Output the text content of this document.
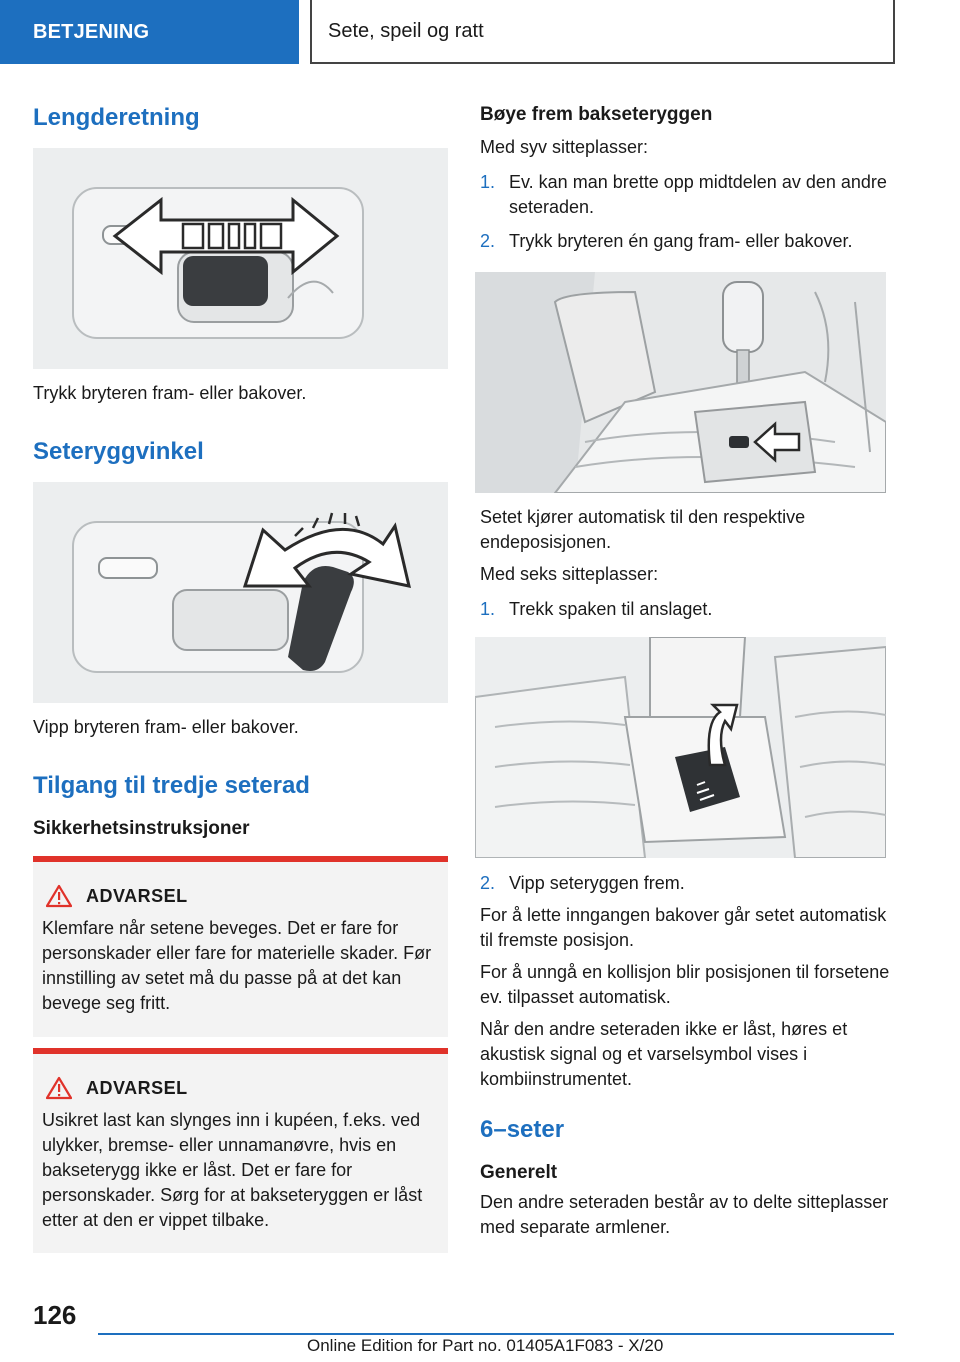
BETJENING	Sete, speil og ratt
Lengderetning

Trykk bryteren fram- eller bakover.

Seteryggvinkel

Vipp bryteren fram- eller bakover.

Tilgang til tredje seterad
Sikkerhetsinstruksjoner
ADVARSEL

Klemfare når setene beveges. Det er fare for personskader eller fare for materielle skader. Før innstilling av setet må du passe på at det kan bevege seg fritt.

ADVARSEL

Usikret last kan slynges inn i kupéen, f.eks. ved ulykker, bremse- eller unnamanøvre, hvis en bakseterygg ikke er låst. Det er fare for personskader. Sørg for at bakseteryggen er låst etter at den er vippet tilbake.

Bøye frem bakseteryggen

Med syv sitteplasser:

1. Ev. kan man brette opp midtdelen av den andre seteraden.
2. Trykk bryteren én gang fram- eller bakover.

Setet kjører automatisk til den respektive endeposisjonen.

Med seks sitteplasser:

1. Trekk spaken til anslaget.
2. Vipp seteryggen frem.

For å lette inngangen bakover går setet automatisk til fremste posisjon.

For å unngå en kollisjon blir posisjonen til forsetene ev. tilpasset automatisk.

Når den andre seteraden ikke er låst, høres et akustisk signal og et varselsymbol vises i kombiinstrumentet.

6–seter
Generelt

Den andre seteraden består av to delte sitteplasser med separate armlener.

126
Online Edition for Part no. 01405A1F083 - X/20
